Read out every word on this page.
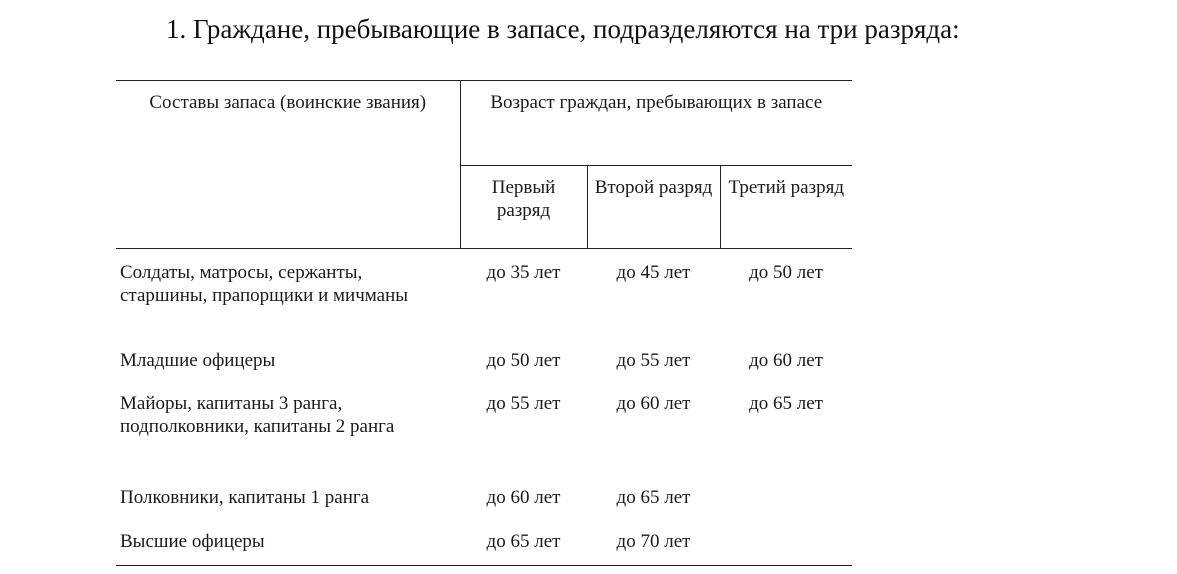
1. Граждане, пребывающие в запасе, подразделяются на три разряда:
Составы запаса (воинские звания)	Возраст граждан, пребывающих в запасе		
	Первый разряд	Второй разряд	Третий разряд
Солдаты, матросы, сержанты, старшины, прапорщики и мичманы	до 35 лет	до 45 лет	до 50 лет
Младшие офицеры	до 50 лет	до 55 лет	до 60 лет
Майоры, капитаны 3 ранга, подполковники, капитаны 2 ранга	до 55 лет	до 60 лет	до 65 лет
Полковники, капитаны 1 ранга	до 60 лет	до 65 лет	
Высшие офицеры	до 65 лет	до 70 лет	
